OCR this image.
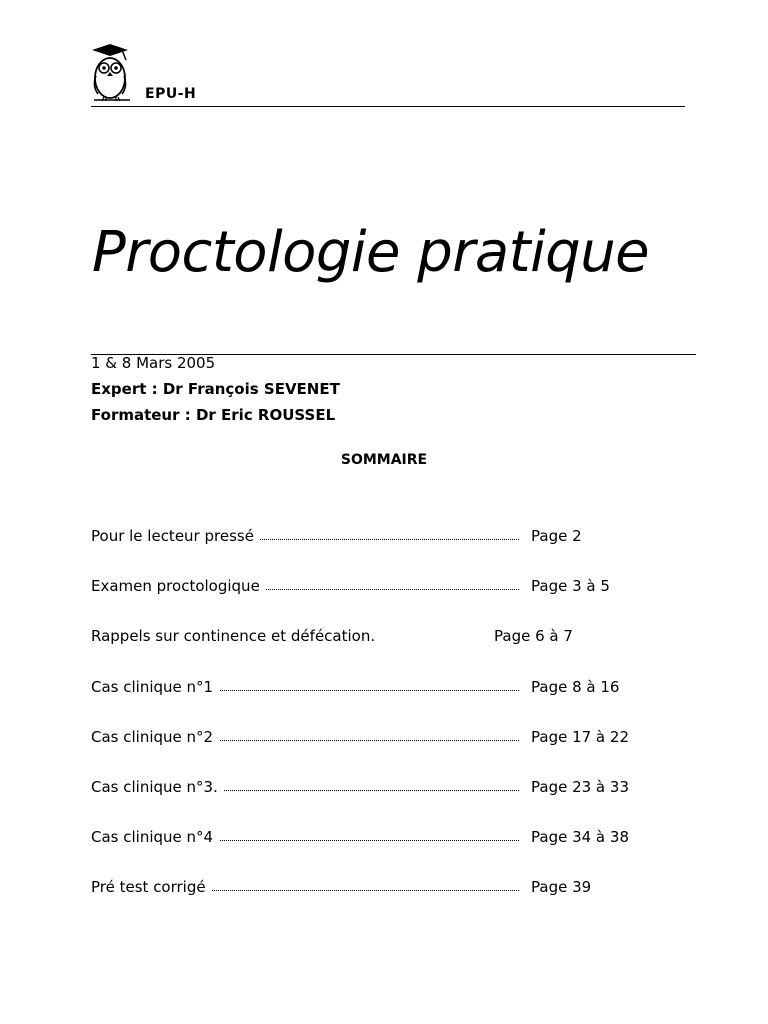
EPU-H
Proctologie pratique
1 & 8 Mars 2005
Expert : Dr François SEVENET
Formateur : Dr Eric ROUSSEL
SOMMAIRE
Pour le lecteur pressé	Page 2
Examen proctologique	Page 3 à 5
Rappels sur continence et défécation.	Page 6 à 7
Cas clinique n°1	Page 8 à 16
Cas clinique n°2	Page 17 à 22
Cas clinique n°3.	Page 23 à 33
Cas clinique n°4	Page 34 à 38
Pré test corrigé	Page 39
